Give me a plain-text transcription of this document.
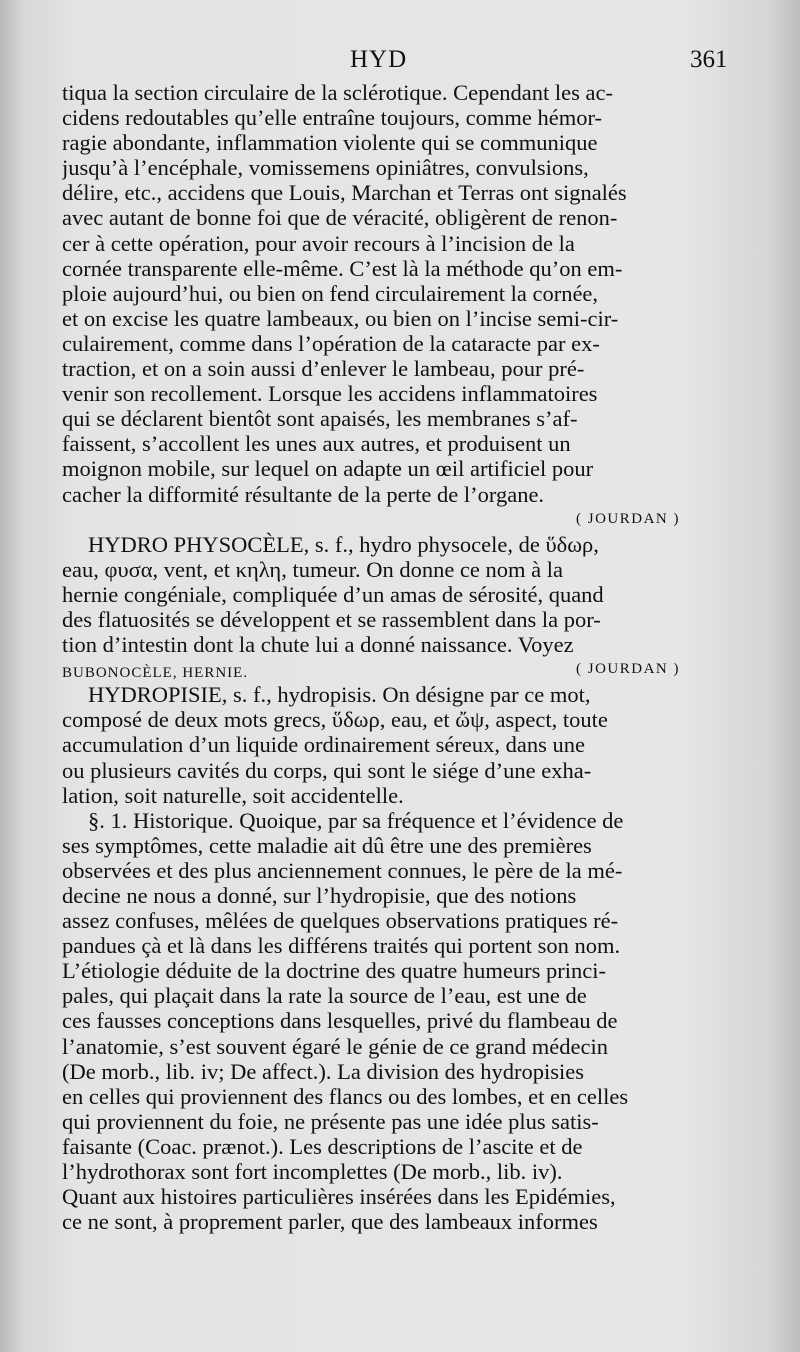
HYD	361
tiqua la section circulaire de la sclérotique. Cependant les ac-
cidens redoutables qu’elle entraîne toujours, comme hémor-
ragie abondante, inflammation violente qui se communique
jusqu’à l’encéphale, vomissemens opiniâtres, convulsions,
délire, etc., accidens que Louis, Marchan et Terras ont signalés
avec autant de bonne foi que de véracité, obligèrent de renon-
cer à cette opération, pour avoir recours à l’incision de la
cornée transparente elle-même. C’est là la méthode qu’on em-
ploie aujourd’hui, ou bien on fend circulairement la cornée,
et on excise les quatre lambeaux, ou bien on l’incise semi-cir-
culairement, comme dans l’opération de la cataracte par ex-
traction, et on a soin aussi d’enlever le lambeau, pour pré-
venir son recollement. Lorsque les accidens inflammatoires
qui se déclarent bientôt sont apaisés, les membranes s’af-
faissent, s’accollent les unes aux autres, et produisent un
moignon mobile, sur lequel on adapte un œil artificiel pour
cacher la difformité résultante de la perte de l’organe.
( JOURDAN )
HYDRO PHYSOCÈLE, s. f., hydro physocele, de ὕδωρ,
eau, φυσα, vent, et κηλη, tumeur. On donne ce nom à la
hernie congéniale, compliquée d’un amas de sérosité, quand
des flatuosités se développent et se rassemblent dans la por-
tion d’intestin dont la chute lui a donné naissance. Voyez
BUBONOCÈLE, HERNIE.	( JOURDAN )
HYDROPISIE, s. f., hydropisis. On désigne par ce mot,
composé de deux mots grecs, ὕδωρ, eau, et ὤψ, aspect, toute
accumulation d’un liquide ordinairement séreux, dans une
ou plusieurs cavités du corps, qui sont le siége d’une exha-
lation, soit naturelle, soit accidentelle.
§. 1. Historique. Quoique, par sa fréquence et l’évidence de
ses symptômes, cette maladie ait dû être une des premières
observées et des plus anciennement connues, le père de la mé-
decine ne nous a donné, sur l’hydropisie, que des notions
assez confuses, mêlées de quelques observations pratiques ré-
pandues çà et là dans les différens traités qui portent son nom.
L’étiologie déduite de la doctrine des quatre humeurs princi-
pales, qui plaçait dans la rate la source de l’eau, est une de
ces fausses conceptions dans lesquelles, privé du flambeau de
l’anatomie, s’est souvent égaré le génie de ce grand médecin
(De morb., lib. iv; De affect.). La division des hydropisies
en celles qui proviennent des flancs ou des lombes, et en celles
qui proviennent du foie, ne présente pas une idée plus satis-
faisante (Coac. prænot.). Les descriptions de l’ascite et de
l’hydrothorax sont fort incomplettes (De morb., lib. iv).
Quant aux histoires particulières insérées dans les Epidémies,
ce ne sont, à proprement parler, que des lambeaux informes
